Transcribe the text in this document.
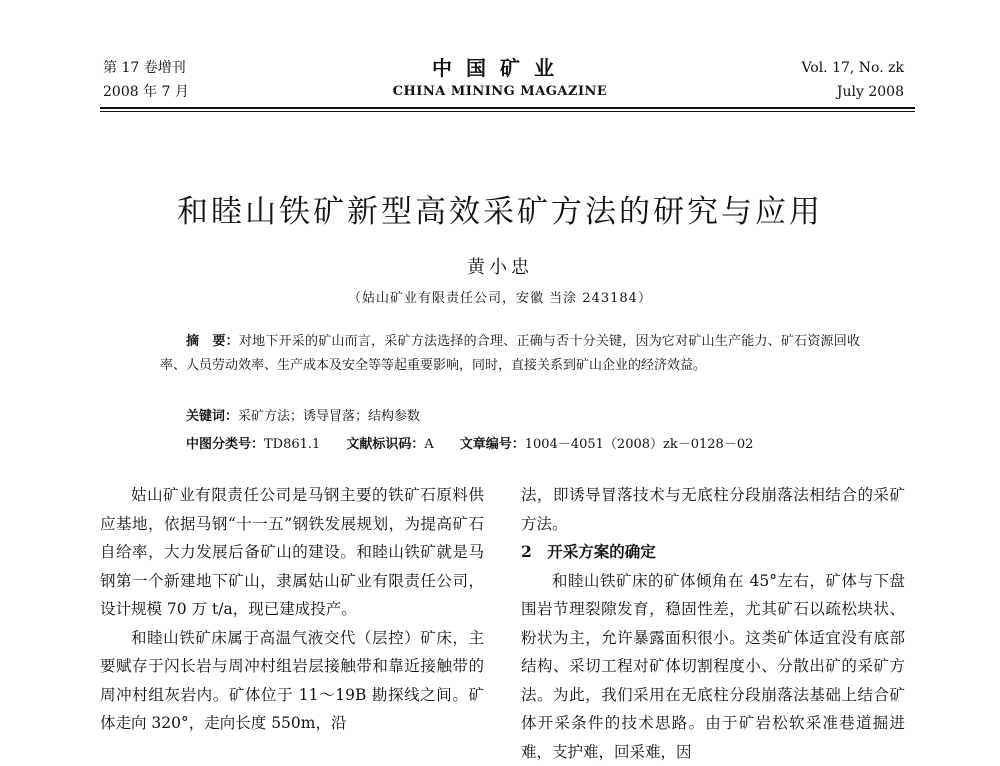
第 17 卷增刊
2008 年 7 月
中国矿业
CHINA MINING MAGAZINE
Vol. 17, No. zk
July 2008
和睦山铁矿新型高效采矿方法的研究与应用
黄小忠
（姑山矿业有限责任公司，安徽 当涂 243184）
摘　要：对地下开采的矿山而言，采矿方法选择的合理、正确与否十分关键，因为它对矿山生产能力、矿石资源回收率、人员劳动效率、生产成本及安全等等起重要影响，同时，直接关系到矿山企业的经济效益。
关键词：采矿方法；诱导冒落；结构参数
中图分类号：TD861.1 文献标识码：A 文章编号：1004－4051（2008）zk－0128－02

姑山矿业有限责任公司是马钢主要的铁矿石原料供应基地，依据马钢“十一五”钢铁发展规划，为提高矿石自给率，大力发展后备矿山的建设。和睦山铁矿就是马钢第一个新建地下矿山，隶属姑山矿业有限责任公司，设计规模 70 万 t/a，现已建成投产。

和睦山铁矿床属于高温气液交代（层控）矿床，主要赋存于闪长岩与周冲村组岩层接触带和靠近接触带的周冲村组灰岩内。矿体位于 11～19B 勘探线之间。矿体走向 320°，走向长度 550m，沿

法，即诱导冒落技术与无底柱分段崩落法相结合的采矿方法。

2　开采方案的确定

和睦山铁矿床的矿体倾角在 45°左右，矿体与下盘围岩节理裂隙发育，稳固性差，尤其矿石以疏松块状、粉状为主，允许暴露面积很小。这类矿体适宜没有底部结构、采切工程对矿体切割程度小、分散出矿的采矿方法。为此，我们采用在无底柱分段崩落法基础上结合矿体开采条件的技术思路。由于矿岩松软采准巷道掘进难，支护难，回采难，因
